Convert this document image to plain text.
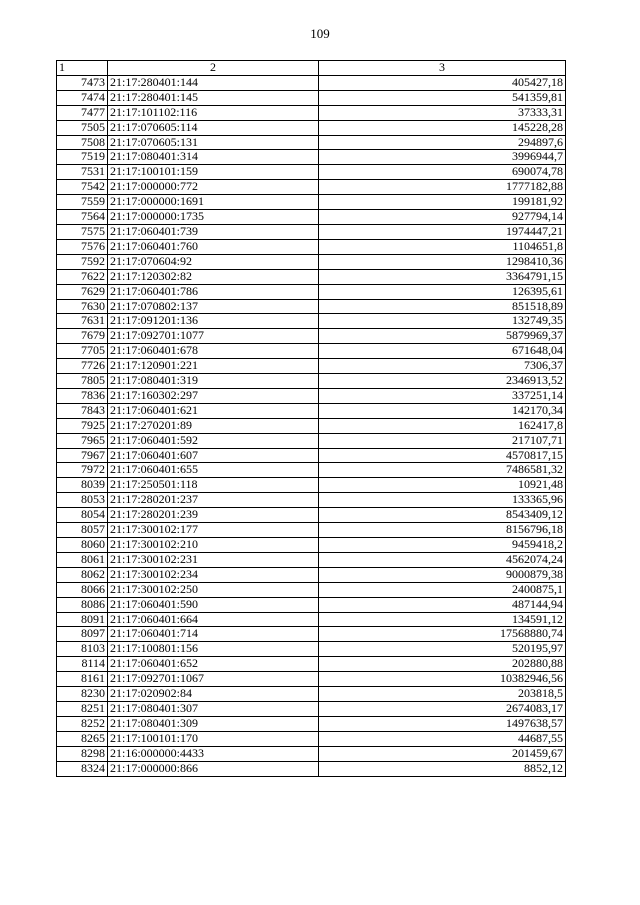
109
1	2	3
7473	21:17:280401:144	405427,18
7474	21:17:280401:145	541359,81
7477	21:17:101102:116	37333,31
7505	21:17:070605:114	145228,28
7508	21:17:070605:131	294897,6
7519	21:17:080401:314	3996944,7
7531	21:17:100101:159	690074,78
7542	21:17:000000:772	1777182,88
7559	21:17:000000:1691	199181,92
7564	21:17:000000:1735	927794,14
7575	21:17:060401:739	1974447,21
7576	21:17:060401:760	1104651,8
7592	21:17:070604:92	1298410,36
7622	21:17:120302:82	3364791,15
7629	21:17:060401:786	126395,61
7630	21:17:070802:137	851518,89
7631	21:17:091201:136	132749,35
7679	21:17:092701:1077	5879969,37
7705	21:17:060401:678	671648,04
7726	21:17:120901:221	7306,37
7805	21:17:080401:319	2346913,52
7836	21:17:160302:297	337251,14
7843	21:17:060401:621	142170,34
7925	21:17:270201:89	162417,8
7965	21:17:060401:592	217107,71
7967	21:17:060401:607	4570817,15
7972	21:17:060401:655	7486581,32
8039	21:17:250501:118	10921,48
8053	21:17:280201:237	133365,96
8054	21:17:280201:239	8543409,12
8057	21:17:300102:177	8156796,18
8060	21:17:300102:210	9459418,2
8061	21:17:300102:231	4562074,24
8062	21:17:300102:234	9000879,38
8066	21:17:300102:250	2400875,1
8086	21:17:060401:590	487144,94
8091	21:17:060401:664	134591,12
8097	21:17:060401:714	17568880,74
8103	21:17:100801:156	520195,97
8114	21:17:060401:652	202880,88
8161	21:17:092701:1067	10382946,56
8230	21:17:020902:84	203818,5
8251	21:17:080401:307	2674083,17
8252	21:17:080401:309	1497638,57
8265	21:17:100101:170	44687,55
8298	21:16:000000:4433	201459,67
8324	21:17:000000:866	8852,12
